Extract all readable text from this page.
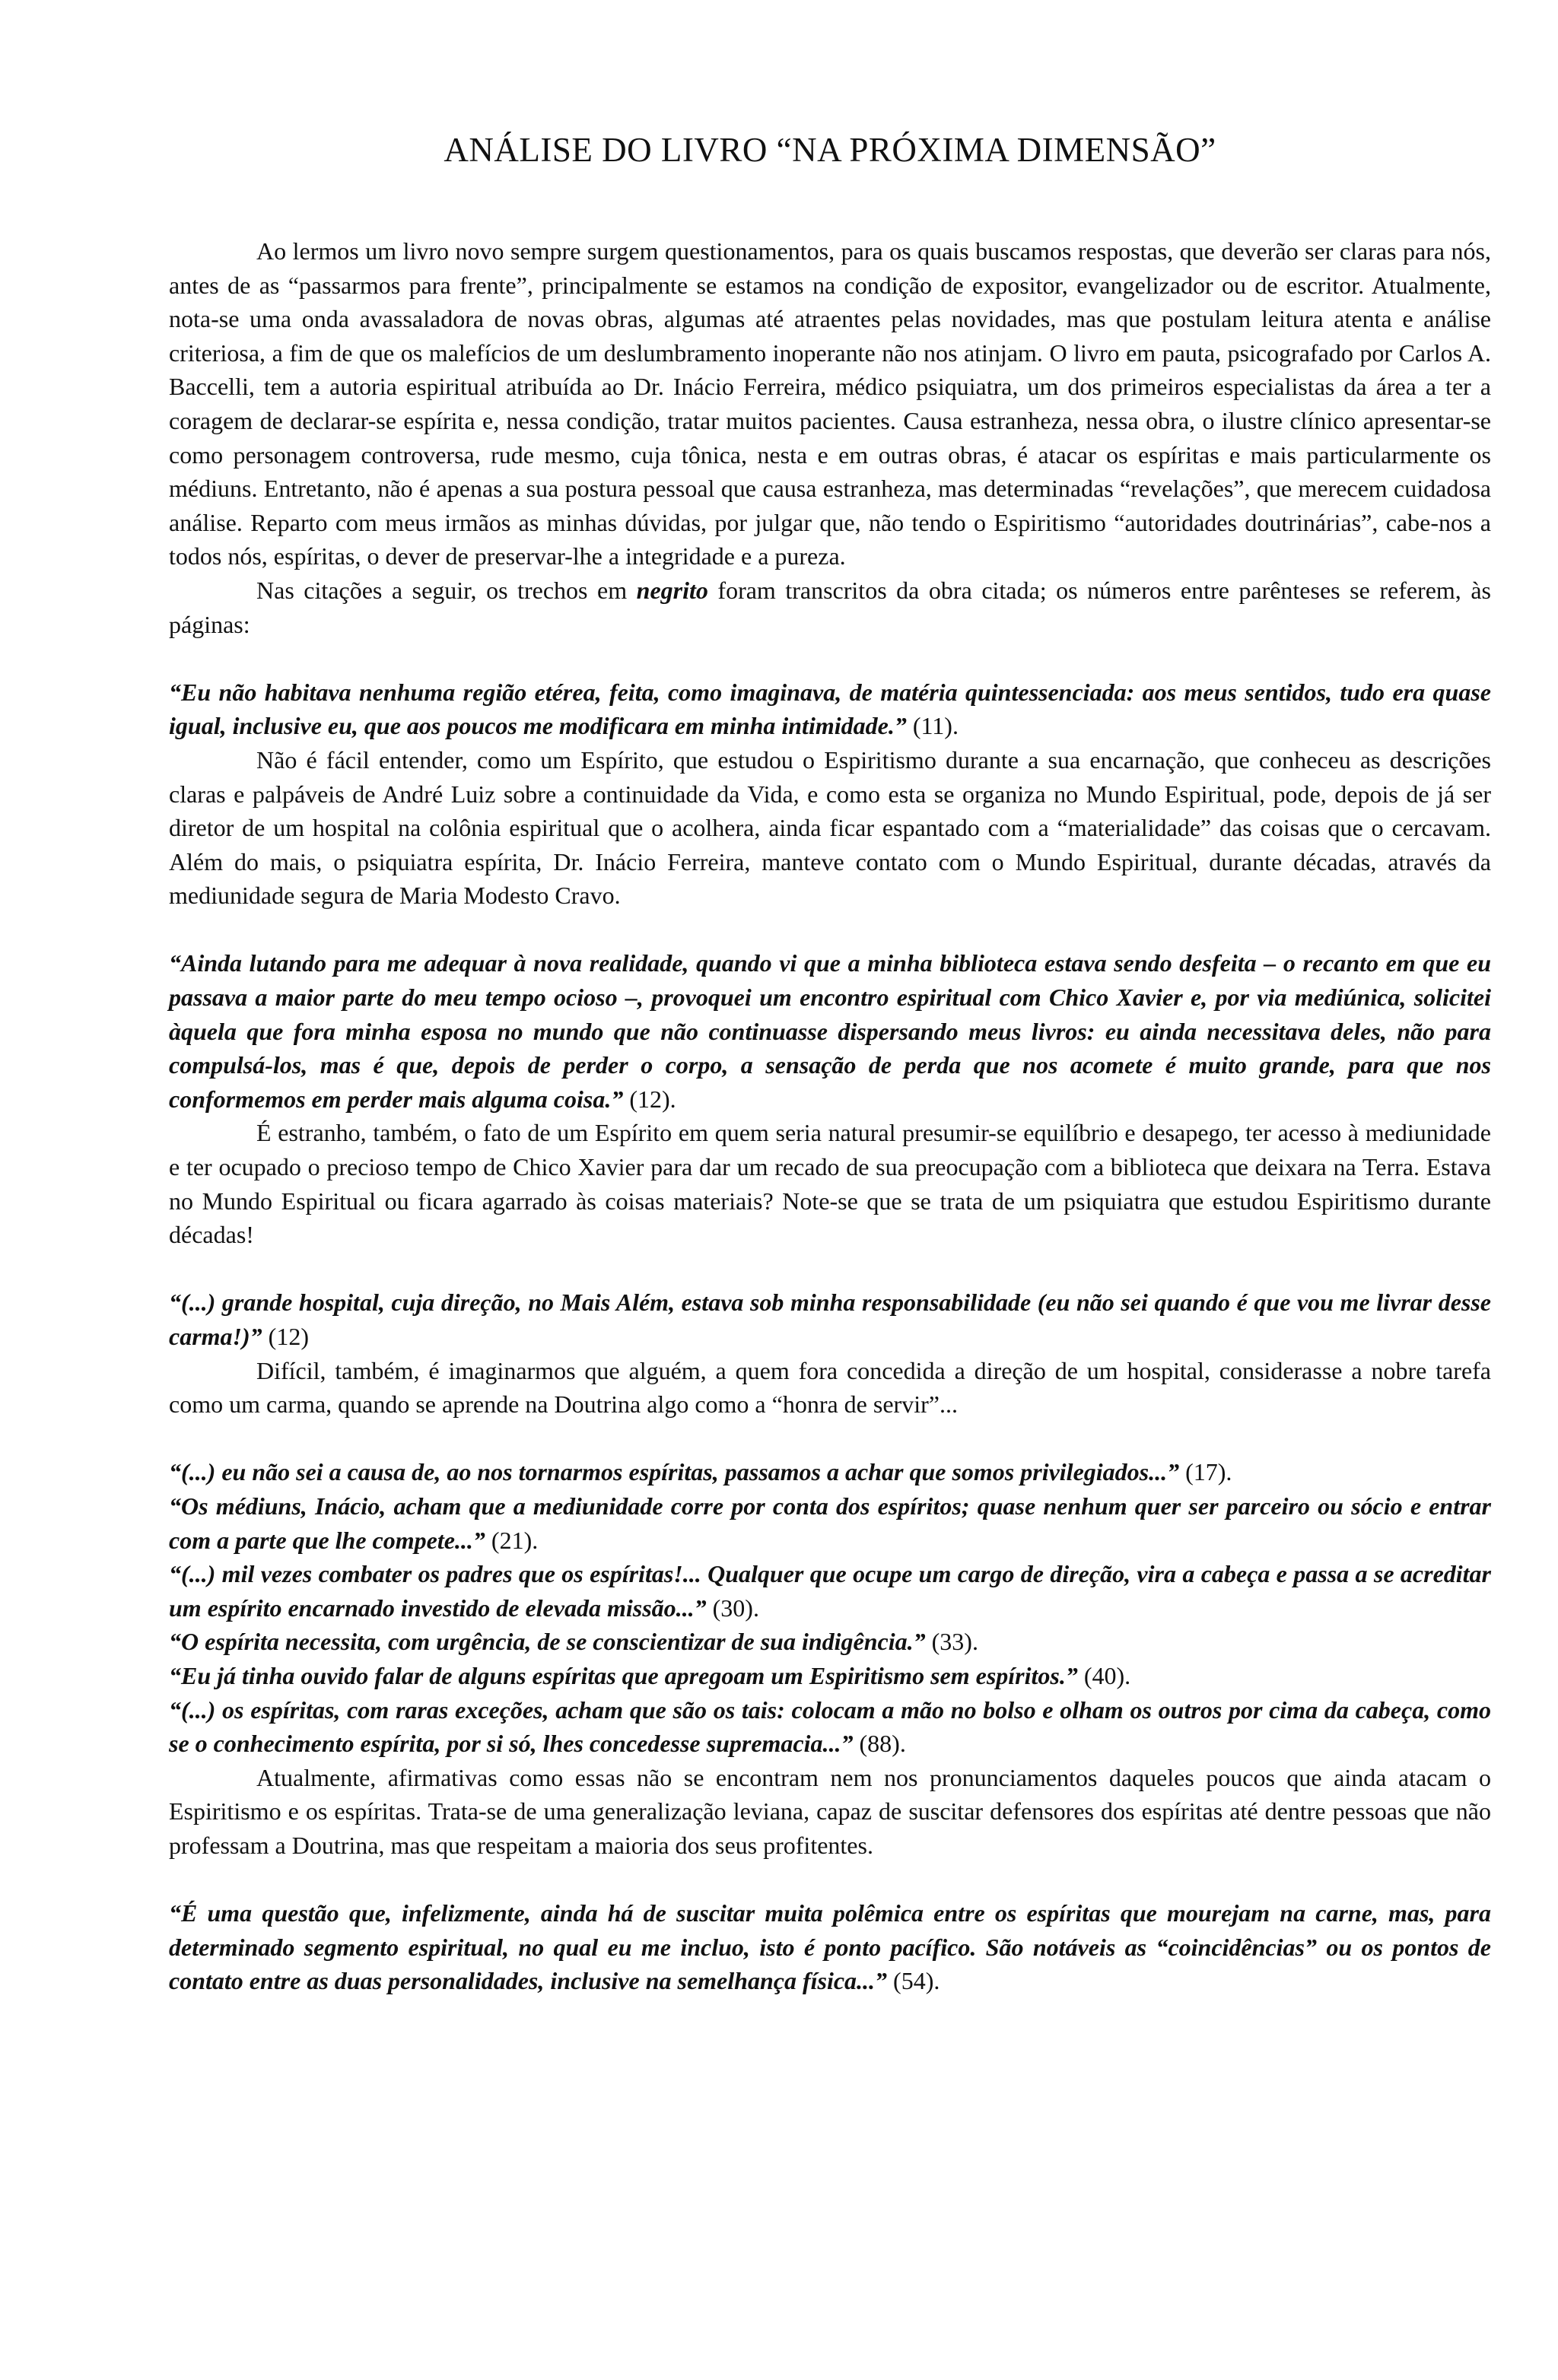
ANÁLISE DO LIVRO “NA PRÓXIMA DIMENSÃO”

Ao lermos um livro novo sempre surgem questionamentos, para os quais buscamos respostas, que deverão ser claras para nós, antes de as “passarmos para frente”, principalmente se estamos na condição de expositor, evangelizador ou de escritor. Atualmente, nota-se uma onda avassaladora de novas obras, algumas até atraentes pelas novidades, mas que postulam leitura atenta e análise criteriosa, a fim de que os malefícios de um deslumbramento inoperante não nos atinjam. O livro em pauta, psicografado por Carlos A. Baccelli, tem a autoria espiritual atribuída ao Dr. Inácio Ferreira, médico psiquiatra, um dos primeiros especialistas da área a ter a coragem de declarar-se espírita e, nessa condição, tratar muitos pacientes. Causa estranheza, nessa obra, o ilustre clínico apresentar-se como personagem controversa, rude mesmo, cuja tônica, nesta e em outras obras, é atacar os espíritas e mais particularmente os médiuns. Entretanto, não é apenas a sua postura pessoal que causa estranheza, mas determinadas “revelações”, que merecem cuidadosa análise. Reparto com meus irmãos as minhas dúvidas, por julgar que, não tendo o Espiritismo “autoridades doutrinárias”, cabe-nos a todos nós, espíritas, o dever de preservar-lhe a integridade e a pureza.

Nas citações a seguir, os trechos em negrito foram transcritos da obra citada; os números entre parênteses se referem, às páginas:

“Eu não habitava nenhuma região etérea, feita, como imaginava, de matéria quintessenciada: aos meus sentidos, tudo era quase igual, inclusive eu, que aos poucos me modificara em minha intimidade.” (11).

Não é fácil entender, como um Espírito, que estudou o Espiritismo durante a sua encarnação, que conheceu as descrições claras e palpáveis de André Luiz sobre a continuidade da Vida, e como esta se organiza no Mundo Espiritual, pode, depois de já ser diretor de um hospital na colônia espiritual que o acolhera, ainda ficar espantado com a “materialidade” das coisas que o cercavam. Além do mais, o psiquiatra espírita, Dr. Inácio Ferreira, manteve contato com o Mundo Espiritual, durante décadas, através da mediunidade segura de Maria Modesto Cravo.

“Ainda lutando para me adequar à nova realidade, quando vi que a minha biblioteca estava sendo desfeita – o recanto em que eu passava a maior parte do meu tempo ocioso –, provoquei um encontro espiritual com Chico Xavier e, por via mediúnica, solicitei àquela que fora minha esposa no mundo que não continuasse dispersando meus livros: eu ainda necessitava deles, não para compulsá-los, mas é que, depois de perder o corpo, a sensação de perda que nos acomete é muito grande, para que nos conformemos em perder mais alguma coisa.” (12).

É estranho, também, o fato de um Espírito em quem seria natural presumir-se equilíbrio e desapego, ter acesso à mediunidade e ter ocupado o precioso tempo de Chico Xavier para dar um recado de sua preocupação com a biblioteca que deixara na Terra. Estava no Mundo Espiritual ou ficara agarrado às coisas materiais? Note-se que se trata de um psiquiatra que estudou Espiritismo durante décadas!

“(...) grande hospital, cuja direção, no Mais Além, estava sob minha responsabilidade (eu não sei quando é que vou me livrar desse carma!)” (12)

Difícil, também, é imaginarmos que alguém, a quem fora concedida a direção de um hospital, considerasse a nobre tarefa como um carma, quando se aprende na Doutrina algo como a “honra de servir”...

“(...) eu não sei a causa de, ao nos tornarmos espíritas, passamos a achar que somos privilegiados...” (17).

“Os médiuns, Inácio, acham que a mediunidade corre por conta dos espíritos; quase nenhum quer ser parceiro ou sócio e entrar com a parte que lhe compete...” (21).

“(...) mil vezes combater os padres que os espíritas!... Qualquer que ocupe um cargo de direção, vira a cabeça e passa a se acreditar um espírito encarnado investido de elevada missão...” (30).

“O espírita necessita, com urgência, de se conscientizar de sua indigência.” (33).

“Eu já tinha ouvido falar de alguns espíritas que apregoam um Espiritismo sem espíritos.” (40).

“(...) os espíritas, com raras exceções, acham que são os tais: colocam a mão no bolso e olham os outros por cima da cabeça, como se o conhecimento espírita, por si só, lhes concedesse supremacia...” (88).

Atualmente, afirmativas como essas não se encontram nem nos pronunciamentos daqueles poucos que ainda atacam o Espiritismo e os espíritas. Trata-se de uma generalização leviana, capaz de suscitar defensores dos espíritas até dentre pessoas que não professam a Doutrina, mas que respeitam a maioria dos seus profitentes.

“É uma questão que, infelizmente, ainda há de suscitar muita polêmica entre os espíritas que mourejam na carne, mas, para determinado segmento espiritual, no qual eu me incluo, isto é ponto pacífico. São notáveis as “coincidências” ou os pontos de contato entre as duas personalidades, inclusive na semelhança física...” (54).
